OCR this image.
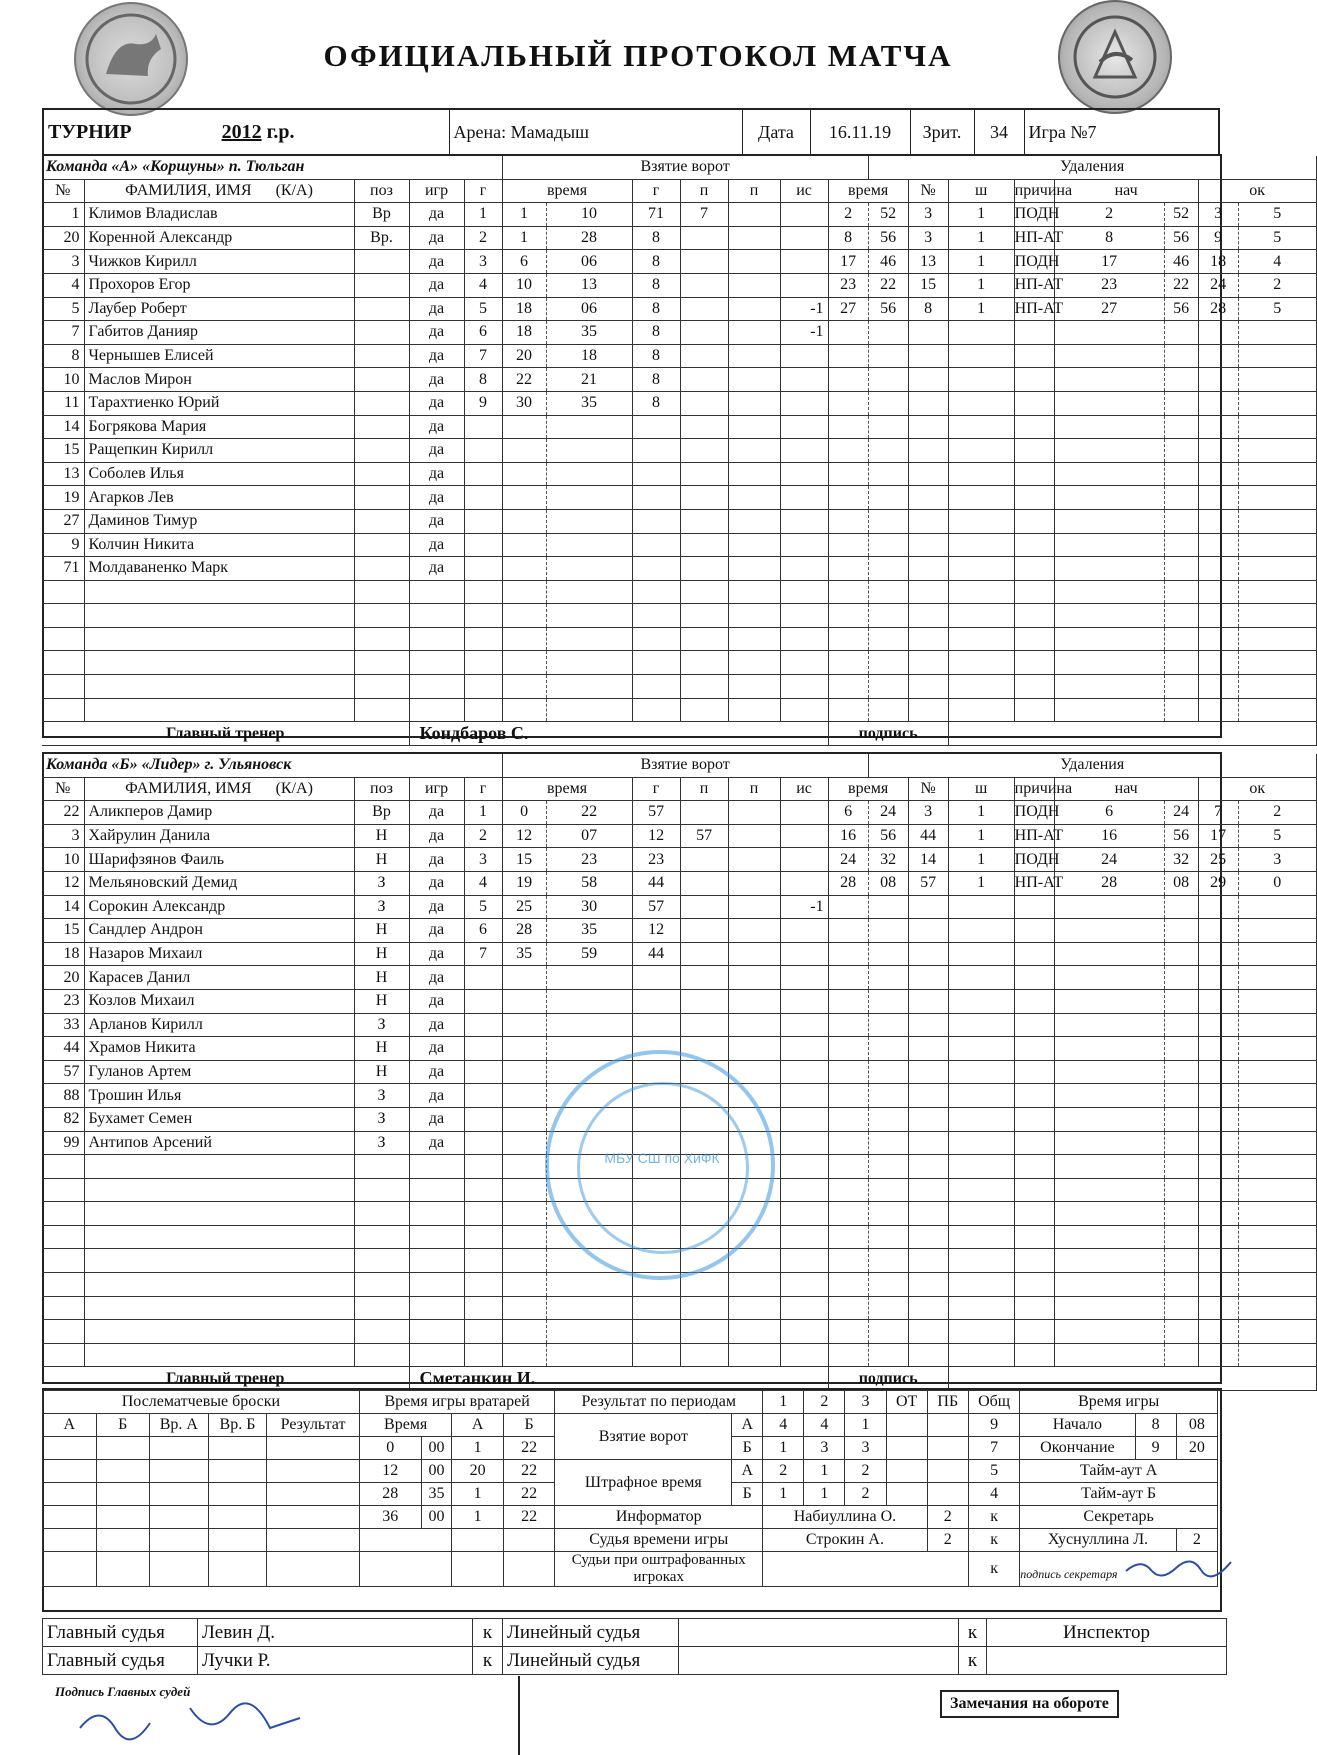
ОФИЦИАЛЬНЫЙ ПРОТОКОЛ МАТЧА
ТУРНИР	2012 г.р.	Арена: Мамадыш	Дата	16.11.19	Зрит.	34	Игра №7
Команда «А» «Коршуны» п. Тюльган					Взятие ворот							Удаления							
№	ФАМИЛИЯ, ИМЯ (К/А)	поз	игр	г	время		г	п	п	ис	время		№	ш	причина	нач		ок	
1	Климов Владислав	Вр	да	1	1	10	71	7			2	52	3	1	ПОДН	2	52	3	5
20	Коренной Александр	Вр.	да	2	1	28	8				8	56	3	1	НП-АТ	8	56	9	5
3	Чижков Кирилл		да	3	6	06	8				17	46	13	1	ПОДН	17	46	18	4
4	Прохоров Егор		да	4	10	13	8				23	22	15	1	НП-АТ	23	22	24	2
5	Лаубер Роберт		да	5	18	06	8			-1	27	56	8	1	НП-АТ	27	56	28	5
7	Габитов Данияр		да	6	18	35	8			-1									
8	Чернышев Елисей		да	7	20	18	8												
10	Маслов Мирон		да	8	22	21	8												
11	Тарахтиенко Юрий		да	9	30	35	8												
14	Богрякова Мария		да																
15	Ращепкин Кирилл		да																
13	Соболев Илья		да																
19	Агарков Лев		да																
27	Даминов Тимур		да																
9	Колчин Никита		да																
71	Молдаваненко Марк		да																

Главный тренер			Кондбаров С.								подпись								
Команда «Б» «Лидер» г. Ульяновск					Взятие ворот							Удаления							
№	ФАМИЛИЯ, ИМЯ (К/А)	поз	игр	г	время		г	п	п	ис	время		№	ш	причина	нач		ок	
22	Аликперов Дамир	Вр	да	1	0	22	57				6	24	3	1	ПОДН	6	24	7	2
3	Хайрулин Данила	Н	да	2	12	07	12	57			16	56	44	1	НП-АТ	16	56	17	5
10	Шарифзянов Фаиль	Н	да	3	15	23	23				24	32	14	1	ПОДН	24	32	25	3
12	Мельяновский Демид	З	да	4	19	58	44				28	08	57	1	НП-АТ	28	08	29	0
14	Сорокин Александр	З	да	5	25	30	57			-1									
15	Сандлер Андрон	Н	да	6	28	35	12												
18	Назаров Михаил	Н	да	7	35	59	44												
20	Карасев Данил	Н	да																
23	Козлов Михаил	Н	да																
33	Арланов Кирилл	З	да																
44	Храмов Никита	Н	да																
57	Гуланов Артем	Н	да																
88	Трошин Илья	З	да																
82	Бухамет Семен	З	да																
99	Антипов Арсений	З	да																

Главный тренер			Сметанкин И.								подпись								
МБУ СШ по ХиФК
Послематчевые броски					Время игры вратарей				Результат по периодам		1	2	3	ОТ	ПБ	Общ	Время игры		
А	Б	Вр. А	Вр. Б	Результат	Время		А	Б	Взятие ворот	А	4	4	1			9	Начало	8	08
					0	00	1	22		Б	1	3	3			7	Окончание	9	20
					12	00	20	22	Штрафное время	А	2	1	2			5	Тайм-аут А		
					28	35	1	22		Б	1	1	2			4	Тайм-аут Б		
					36	00	1	22	Информатор		Набиуллина О.				2	к	Секретарь		
									Судья времени игры		Строкин А.				2	к	Хуснуллина Л.		2
									Судьи при оштрафованных игроках							к	подпись секретаря		
Главный судья	Левин Д.	к	Линейный судья		к	Инспектор
Главный судья	Лучки Р.	к	Линейный судья		к	
Подпись Главных судей
Замечания на обороте
